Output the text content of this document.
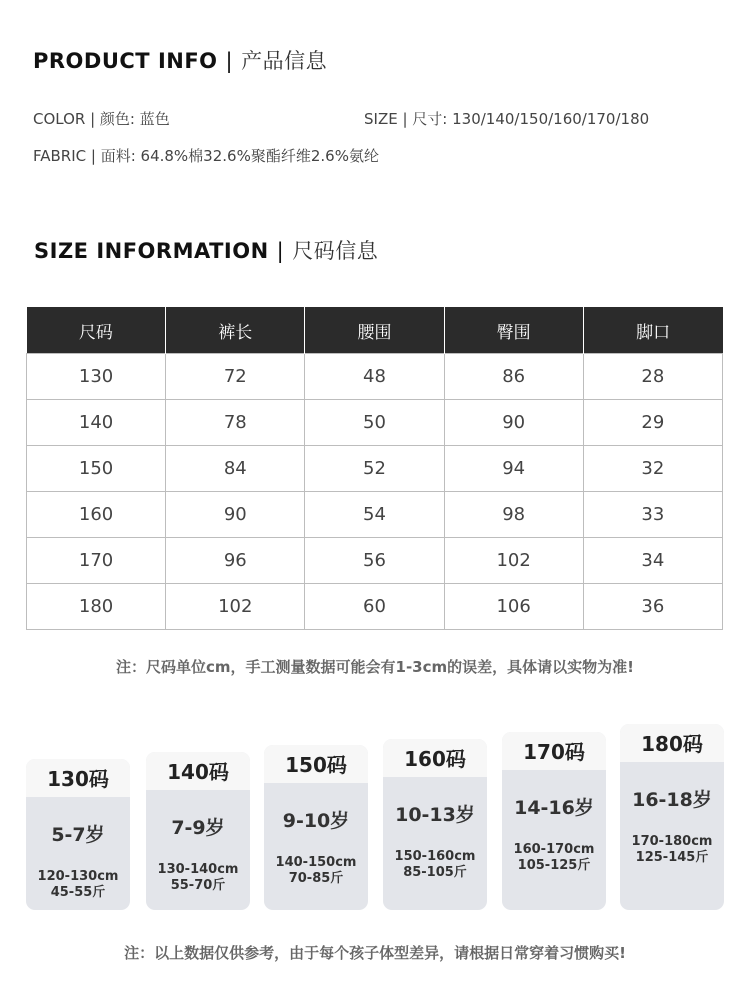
PRODUCT INFO | 产品信息
COLOR | 颜色: 蓝色	SIZE | 尺寸: 130/140/150/160/170/180
FABRIC | 面料: 64.8%棉32.6%聚酯纤维2.6%氨纶
SIZE INFORMATION | 尺码信息
尺码	裤长	腰围	臀围	脚口
130	72	48	86	28
140	78	50	90	29
150	84	52	94	32
160	90	54	98	33
170	96	56	102	34
180	102	60	106	36
注：尺码单位cm，手工测量数据可能会有1-3cm的误差，具体请以实物为准!
130码
5-7岁
120-130cm
45-55斤
140码
7-9岁
130-140cm
55-70斤
150码
9-10岁
140-150cm
70-85斤
160码
10-13岁
150-160cm
85-105斤
170码
14-16岁
160-170cm
105-125斤
180码
16-18岁
170-180cm
125-145斤
注：以上数据仅供参考，由于每个孩子体型差异，请根据日常穿着习惯购买!
